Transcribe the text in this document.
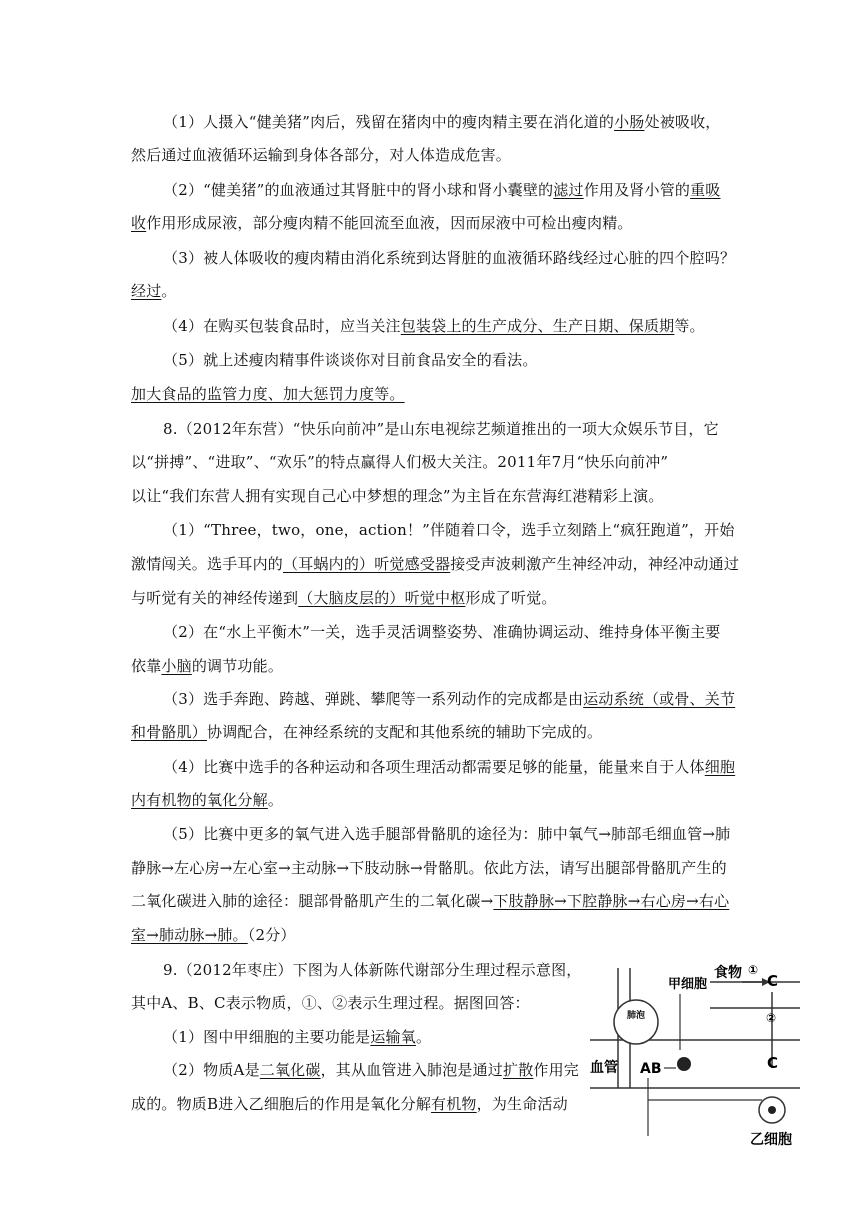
（1）人摄入“健美猪”肉后，残留在猪肉中的瘦肉精主要在消化道的小肠处被吸收，
然后通过血液循环运输到身体各部分，对人体造成危害。
（2）“健美猪”的血液通过其肾脏中的肾小球和肾小囊壁的滤过作用及肾小管的重吸
收作用形成尿液，部分瘦肉精不能回流至血液，因而尿液中可检出瘦肉精。
（3）被人体吸收的瘦肉精由消化系统到达肾脏的血液循环路线经过心脏的四个腔吗？
经过。
（4）在购买包装食品时，应当关注包装袋上的生产成分、生产日期、保质期等。
（5）就上述瘦肉精事件谈谈你对目前食品安全的看法。
加大食品的监管力度、加大惩罚力度等。
8.（2012年东营）“快乐向前冲”是山东电视综艺频道推出的一项大众娱乐节目，它
以“拼搏”、“进取”、“欢乐”的特点赢得人们极大关注。2011年7月“快乐向前冲”
以让“我们东营人拥有实现自己心中梦想的理念”为主旨在东营海红港精彩上演。
（1）“Three，two，one，action！”伴随着口令，选手立刻踏上“疯狂跑道”，开始
激情闯关。选手耳内的（耳蜗内的）听觉感受器接受声波刺激产生神经冲动，神经冲动通过
与听觉有关的神经传递到（大脑皮层的）听觉中枢形成了听觉。
（2）在“水上平衡木”一关，选手灵活调整姿势、准确协调运动、维持身体平衡主要
依靠小脑的调节功能。
（3）选手奔跑、跨越、弹跳、攀爬等一系列动作的完成都是由运动系统（或骨、关节
和骨骼肌）协调配合，在神经系统的支配和其他系统的辅助下完成的。
（4）比赛中选手的各种运动和各项生理活动都需要足够的能量，能量来自于人体细胞
内有机物的氧化分解。
（5）比赛中更多的氧气进入选手腿部骨骼肌的途径为：肺中氧气→肺部毛细血管→肺
静脉→左心房→左心室→主动脉→下肢动脉→骨骼肌。依此方法，请写出腿部骨骼肌产生的
二氧化碳进入肺的途径：腿部骨骼肌产生的二氧化碳→下肢静脉→下腔静脉→右心房→右心
室→肺动脉→肺。（2分）
9.（2012年枣庄）下图为人体新陈代谢部分生理过程示意图，
其中A、B、C表示物质，①、②表示生理过程。据图回答：
（1）图中甲细胞的主要功能是运输氧。
（2）物质A是二氧化碳，其从血管进入肺泡是通过扩散作用完
成的。物质B进入乙细胞后的作用是氧化分解有机物，为生命活动
肺泡
甲细胞
食物 ①
C
②
C
血管 AB
乙细胞
